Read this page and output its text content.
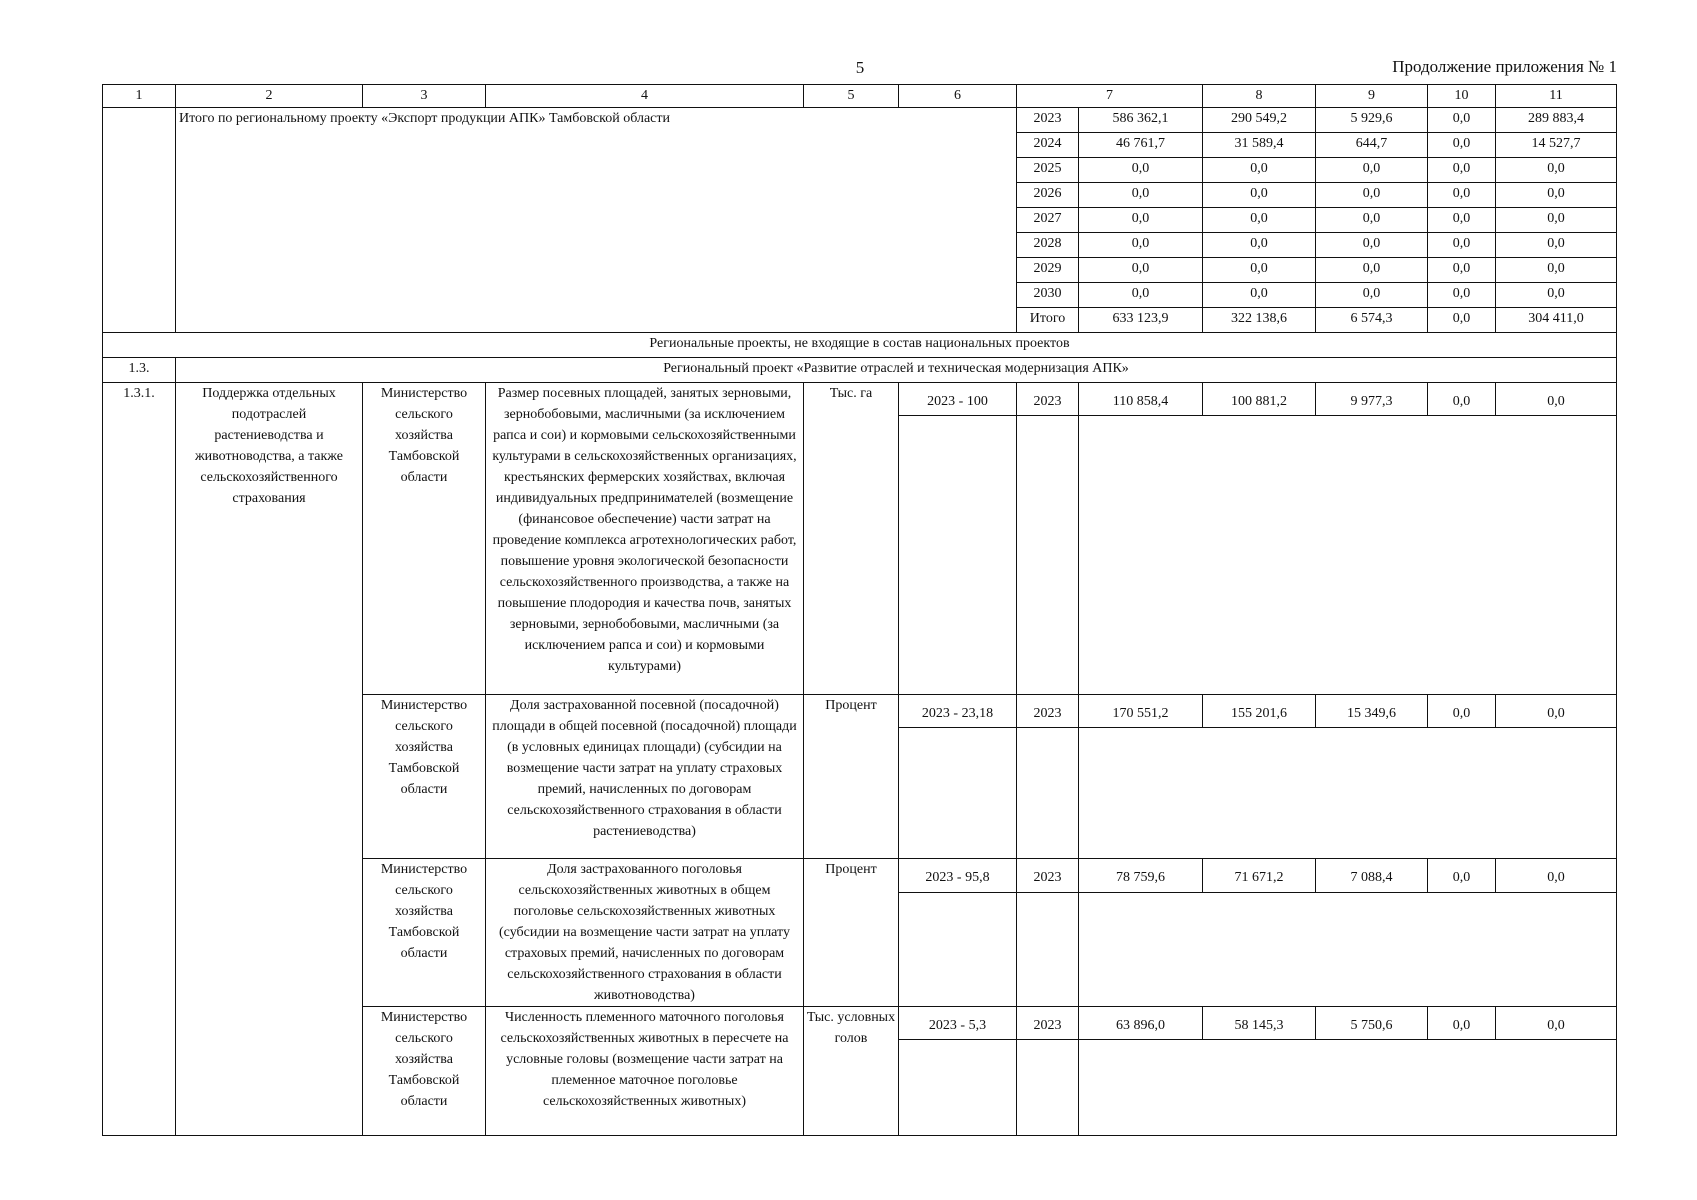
5	Продолжение приложения № 1
1	2	3	4	5	6	7		8	9	10	11
	Итого по региональному проекту «Экспорт продукции АПК» Тамбовской области					2023	586 362,1	290 549,2	5 929,6	0,0	289 883,4
						2024	46 761,7	31 589,4	644,7	0,0	14 527,7
						2025	0,0	0,0	0,0	0,0	0,0
						2026	0,0	0,0	0,0	0,0	0,0
						2027	0,0	0,0	0,0	0,0	0,0
						2028	0,0	0,0	0,0	0,0	0,0
						2029	0,0	0,0	0,0	0,0	0,0
						2030	0,0	0,0	0,0	0,0	0,0
						Итого	633 123,9	322 138,6	6 574,3	0,0	304 411,0
Региональные проекты, не входящие в состав национальных проектов											
1.3.	Региональный проект «Развитие отраслей и техническая модернизация АПК»										
1.3.1.	Поддержка отдельных подотраслей растениеводства и животноводства, а также сельскохозяйственного страхования	Министерство сельского хозяйства Тамбовской области	Размер посевных площадей, занятых зерновыми, зернобобовыми, масличными (за исключением рапса и сои) и кормовыми сельскохозяйственными культурами в сельскохозяйственных организациях, крестьянских фермерских хозяйствах, включая индивидуальных предпринимателей (возмещение (финансовое обеспечение) части затрат на проведение комплекса агротехнологических работ, повышение уровня экологической безопасности сельскохозяйственного производства, а также на повышение плодородия и качества почв, занятых зерновыми, зернобобовыми, масличными (за исключением рапса и сои) и кормовыми культурами)	Тыс. га	2023 - 100	2023	110 858,4	100 881,2	9 977,3	0,0	0,0

		Министерство сельского хозяйства Тамбовской области	Доля застрахованной посевной (посадочной) площади в общей посевной (посадочной) площади (в условных единицах площади) (субсидии на возмещение части затрат на уплату страховых премий, начисленных по договорам сельскохозяйственного страхования в области растениеводства)	Процент	2023 - 23,18	2023	170 551,2	155 201,6	15 349,6	0,0	0,0

		Министерство сельского хозяйства Тамбовской области	Доля застрахованного поголовья сельскохозяйственных животных в общем поголовье сельскохозяйственных животных (субсидии на возмещение части затрат на уплату страховых премий, начисленных по договорам сельскохозяйственного страхования в области животноводства)	Процент	2023 - 95,8	2023	78 759,6	71 671,2	7 088,4	0,0	0,0

		Министерство сельского хозяйства Тамбовской области	Численность племенного маточного поголовья сельскохозяйственных животных в пересчете на условные головы (возмещение части затрат на племенное маточное поголовье сельскохозяйственных животных)	Тыс. условных голов	2023 - 5,3	2023	63 896,0	58 145,3	5 750,6	0,0	0,0
